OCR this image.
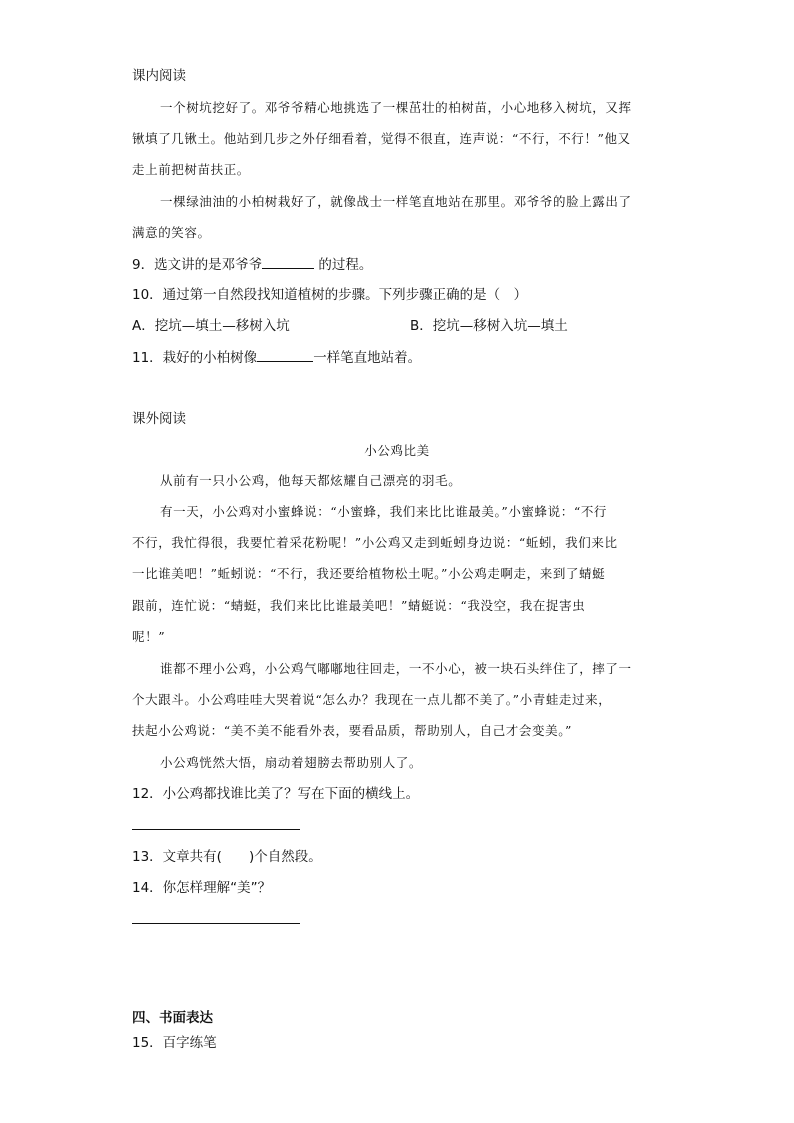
课内阅读
一个树坑挖好了。邓爷爷精心地挑选了一棵茁壮的柏树苗，小心地移入树坑，又挥
锹填了几锹土。他站到几步之外仔细看着，觉得不很直，连声说：“不行，不行！”他又
走上前把树苗扶正。
一棵绿油油的小柏树栽好了，就像战士一样笔直地站在那里。邓爷爷的脸上露出了
满意的笑容。
9．选文讲的是邓爷爷	的过程。
10．通过第一自然段找知道植树的步骤。下列步骤正确的是（　）
A．挖坑—填土—移树入坑	B．挖坑—移树入坑—填土
11．栽好的小柏树像	一样笔直地站着。
课外阅读
小公鸡比美
从前有一只小公鸡，他每天都炫耀自己漂亮的羽毛。
有一天，小公鸡对小蜜蜂说：“小蜜蜂，我们来比比谁最美。”小蜜蜂说：“不行
不行，我忙得很，我要忙着采花粉呢！”小公鸡又走到蚯蚓身边说：“蚯蚓，我们来比
一比谁美吧！”蚯蚓说：“不行，我还要给植物松土呢。”小公鸡走啊走，来到了蜻蜓
跟前，连忙说：“蜻蜓，我们来比比谁最美吧！”蜻蜓说：“我没空，我在捉害虫
呢！”
谁都不理小公鸡，小公鸡气嘟嘟地往回走，一不小心，被一块石头绊住了，摔了一
个大跟斗。小公鸡哇哇大哭着说“怎么办？我现在一点儿都不美了。”小青蛙走过来，
扶起小公鸡说：“美不美不能看外表，要看品质，帮助别人，自己才会变美。”
小公鸡恍然大悟，扇动着翅膀去帮助别人了。
12．小公鸡都找谁比美了？写在下面的横线上。
13．文章共有(　　)个自然段。
14．你怎样理解“美”？
四、书面表达
15．百字练笔
